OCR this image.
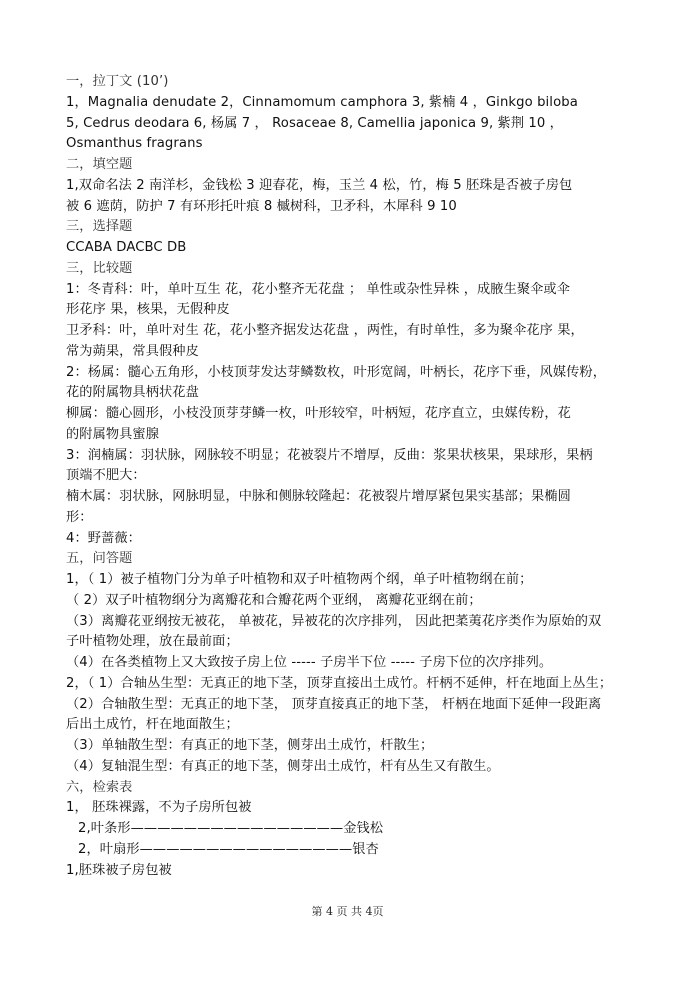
一，拉丁文 (10’)
1，Magnalia denudate 2，Cinnamomum camphora 3, 紫楠 4 ，Ginkgo biloba
5, Cedrus deodara 6, 杨属 7 ， Rosaceae 8, Camellia japonica 9, 紫荆 10 ，
Osmanthus fragrans
二，填空题
1,双命名法 2 南洋杉，金钱松 3 迎春花，梅，玉兰 4 松，竹，梅 5 胚珠是否被子房包
被 6 遮荫，防护 7 有环形托叶痕 8 槭树科，卫矛科，木犀科 9 10
三，选择题
CCABA DACBC DB
三，比较题
1：冬青科：叶，单叶互生 花，花小整齐无花盘 ； 单性或杂性异株 ，成腋生聚伞或伞
形花序 果，核果，无假种皮
卫矛科：叶，单叶对生 花，花小整齐据发达花盘 ，两性，有时单性，多为聚伞花序 果，
常为蒴果，常具假种皮
2：杨属：髓心五角形，小枝顶芽发达芽鳞数枚，叶形宽阔，叶柄长，花序下垂，风媒传粉，
花的附属物具柄状花盘
柳属：髓心圆形，小枝没顶芽芽鳞一枚，叶形较窄，叶柄短，花序直立，虫媒传粉，花
的附属物具蜜腺
3：润楠属：羽状脉，网脉较不明显；花被裂片不增厚，反曲：浆果状核果，果球形，果柄
顶端不肥大：
楠木属：羽状脉，网脉明显，中脉和侧脉较隆起：花被裂片增厚紧包果实基部；果椭圆
形：
4：野蔷薇：
五，问答题
1，（ 1）被子植物门分为单子叶植物和双子叶植物两个纲，单子叶植物纲在前；
（ 2）双子叶植物纲分为离瓣花和合瓣花两个亚纲， 离瓣花亚纲在前；
（3）离瓣花亚纲按无被花， 单被花，异被花的次序排列， 因此把葇荑花序类作为原始的双
子叶植物处理，放在最前面；
（4）在各类植物上又大致按子房上位 ----- 子房半下位 ----- 子房下位的次序排列。
2，（ 1）合轴丛生型：无真正的地下茎，顶芽直接出土成竹。杆柄不延伸，杆在地面上丛生；
（2）合轴散生型：无真正的地下茎， 顶芽直接真正的地下茎， 杆柄在地面下延伸一段距离
后出土成竹，杆在地面散生；
（3）单轴散生型：有真正的地下茎，侧芽出土成竹，杆散生；
（4）复轴混生型：有真正的地下茎，侧芽出土成竹，杆有丛生又有散生。
六，检索表
1， 胚珠裸露，不为子房所包被
2,叶条形————————————————金钱松
2，叶扇形————————————————银杏
1,胚珠被子房包被
第 4 页 共 4页
